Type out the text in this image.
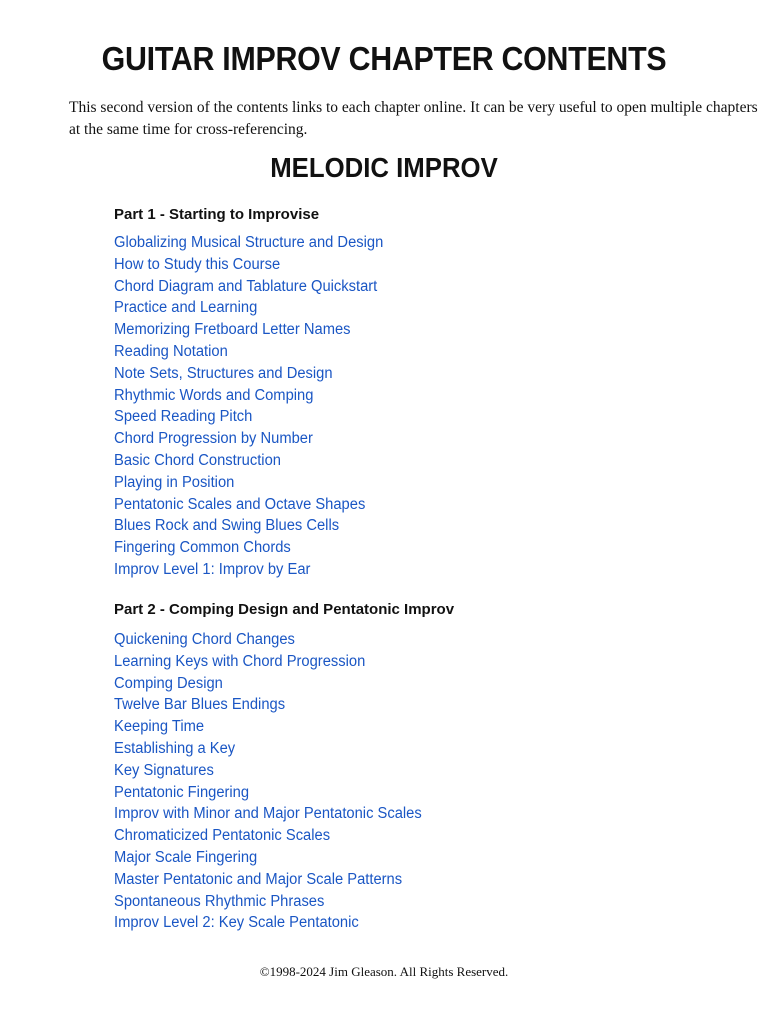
GUITAR IMPROV CHAPTER CONTENTS

This second version of the contents links to each chapter online. It can be very useful to open multiple chapters at the same time for cross-referencing.

MELODIC IMPROV
Part 1 - Starting to Improvise
Globalizing Musical Structure and Design
How to Study this Course
Chord Diagram and Tablature Quickstart
Practice and Learning
Memorizing Fretboard Letter Names
Reading Notation
Note Sets, Structures and Design
Rhythmic Words and Comping
Speed Reading Pitch
Chord Progression by Number
Basic Chord Construction
Playing in Position
Pentatonic Scales and Octave Shapes
Blues Rock and Swing Blues Cells
Fingering Common Chords
Improv Level 1: Improv by Ear
Part 2 - Comping Design and Pentatonic Improv
Quickening Chord Changes
Learning Keys with Chord Progression
Comping Design
Twelve Bar Blues Endings
Keeping Time
Establishing a Key
Key Signatures
Pentatonic Fingering
Improv with Minor and Major Pentatonic Scales
Chromaticized Pentatonic Scales
Major Scale Fingering
Master Pentatonic and Major Scale Patterns
Spontaneous Rhythmic Phrases
Improv Level 2: Key Scale Pentatonic

©1998-2024 Jim Gleason. All Rights Reserved.
